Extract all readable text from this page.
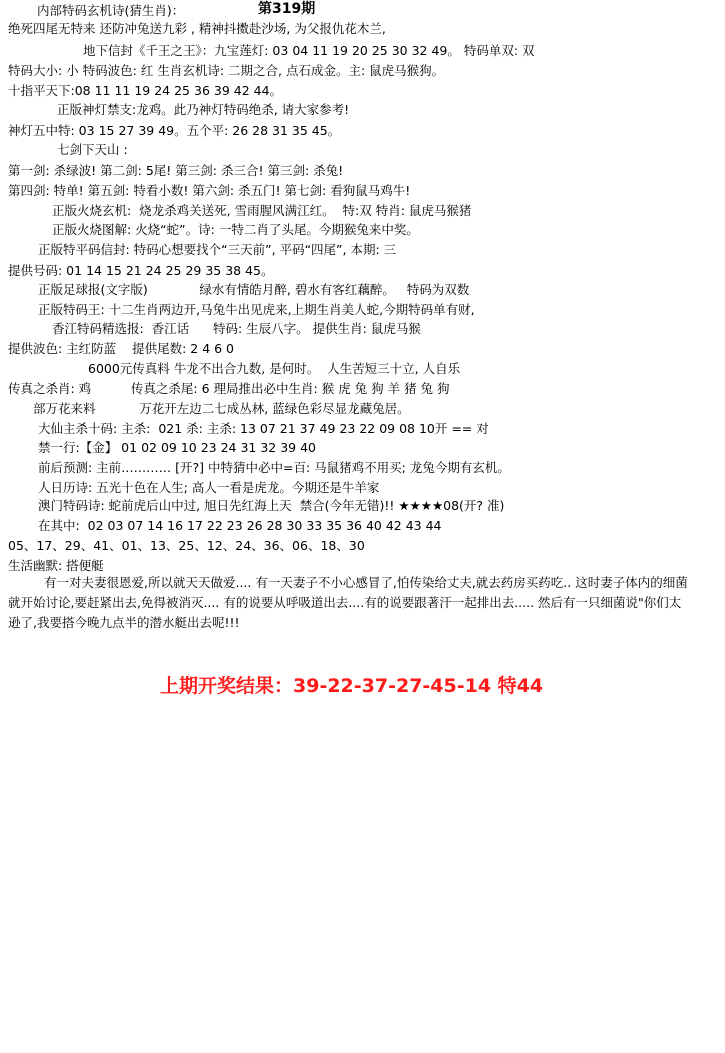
内部特码玄机诗(猜生肖)：	第319期
绝死四尾无特来 还防冲兔送九彩 , 精神抖擞赴沙场, 为父报仇花木兰,
地下信封《千王之王》：九宝莲灯: 03 04 11 19 20 25 30 32 49。 特码单双: 双
特码大小: 小 特码波色: 红 生肖玄机诗: 二期之合, 点石成金。主: 鼠虎马猴狗。
十指平天下:08 11 11 19 24 25 36 39 42 44。
正版神灯禁支:龙鸡。此乃神灯特码绝杀, 请大家参考!
神灯五中特: 03 15 27 39 49。五个平: 26 28 31 35 45。
七剑下天山 :
第一剑: 杀绿波! 第二剑: 5尾! 第三剑: 杀三合! 第三剑: 杀兔!
第四剑: 特单! 第五剑: 特看小数! 第六剑: 杀五门! 第七剑: 看狗鼠马鸡牛!
正版火烧玄机:  烧龙杀鸡关送死, 雪雨腥风满江红。  特:双 特肖: 鼠虎马猴猪
正版火烧图解: 火烧“蛇”。诗: 一特二肖了头尾。今期猴兔来中奖。
正版特平码信封: 特码心想要找个“三天前”, 平码“四尾”, 本期: 三
提供号码: 01 14 15 21 24 25 29 35 38 45。
正版足球报(文字版)             绿水有情皓月醉, 碧水有客红藕醉。   特码为双数
正版特码王: 十二生肖两边开,马兔牛出见虎来,上期生肖美人蛇,今期特码单有财,
香江特码精选报:  香江话      特码: 生辰八字。 提供生肖: 鼠虎马猴
提供波色: 主红防蓝    提供尾数: 2 4 6 0
6000元传真料 牛龙不出合九数, 是何时。  人生苦短三十立, 人自乐
传真之杀肖: 鸡          传真之杀尾: 6 理局推出必中生肖: 猴 虎 兔 狗 羊 猪 兔 狗
部万花来料           万花开左边二七成丛林, 蓝绿色彩尽显龙藏兔居。
大仙主杀十码: 主杀:  021 杀: 主杀: 13 07 21 37 49 23 22 09 08 10开 == 对
禁一行:【金】 01 02 09 10 23 24 31 32 39 40
前后预测: 主前………… [开?] 中特猜中必中=百: 马鼠猪鸡不用买; 龙兔今期有玄机。
人日历诗: 五光十色在人生; 高人一看是虎龙。今期还是牛羊家
澳门特码诗: 蛇前虎后山中过, 旭日先红海上天  禁合(今年无错)!! ★★★★08(开? 准)
在其中:  02 03 07 14 16 17 22 23 26 28 30 33 35 36 40 42 43 44
05、17、29、41、01、13、25、12、24、36、06、18、30
生活幽默: 搭便艇
有一对夫妻很恩爱,所以就天天做爱.... 有一天妻子不小心感冒了,怕传染给丈夫,就去药房买药吃.. 这时妻子体内的细菌就开始讨论,要赶紧出去,免得被消灭.... 有的说要从呼吸道出去....有的说要跟著汗一起排出去..... 然后有一只细菌说"你们太逊了,我要搭今晚九点半的潜水艇出去呢!!!
上期开奖结果：39-22-37-27-45-14 特44
